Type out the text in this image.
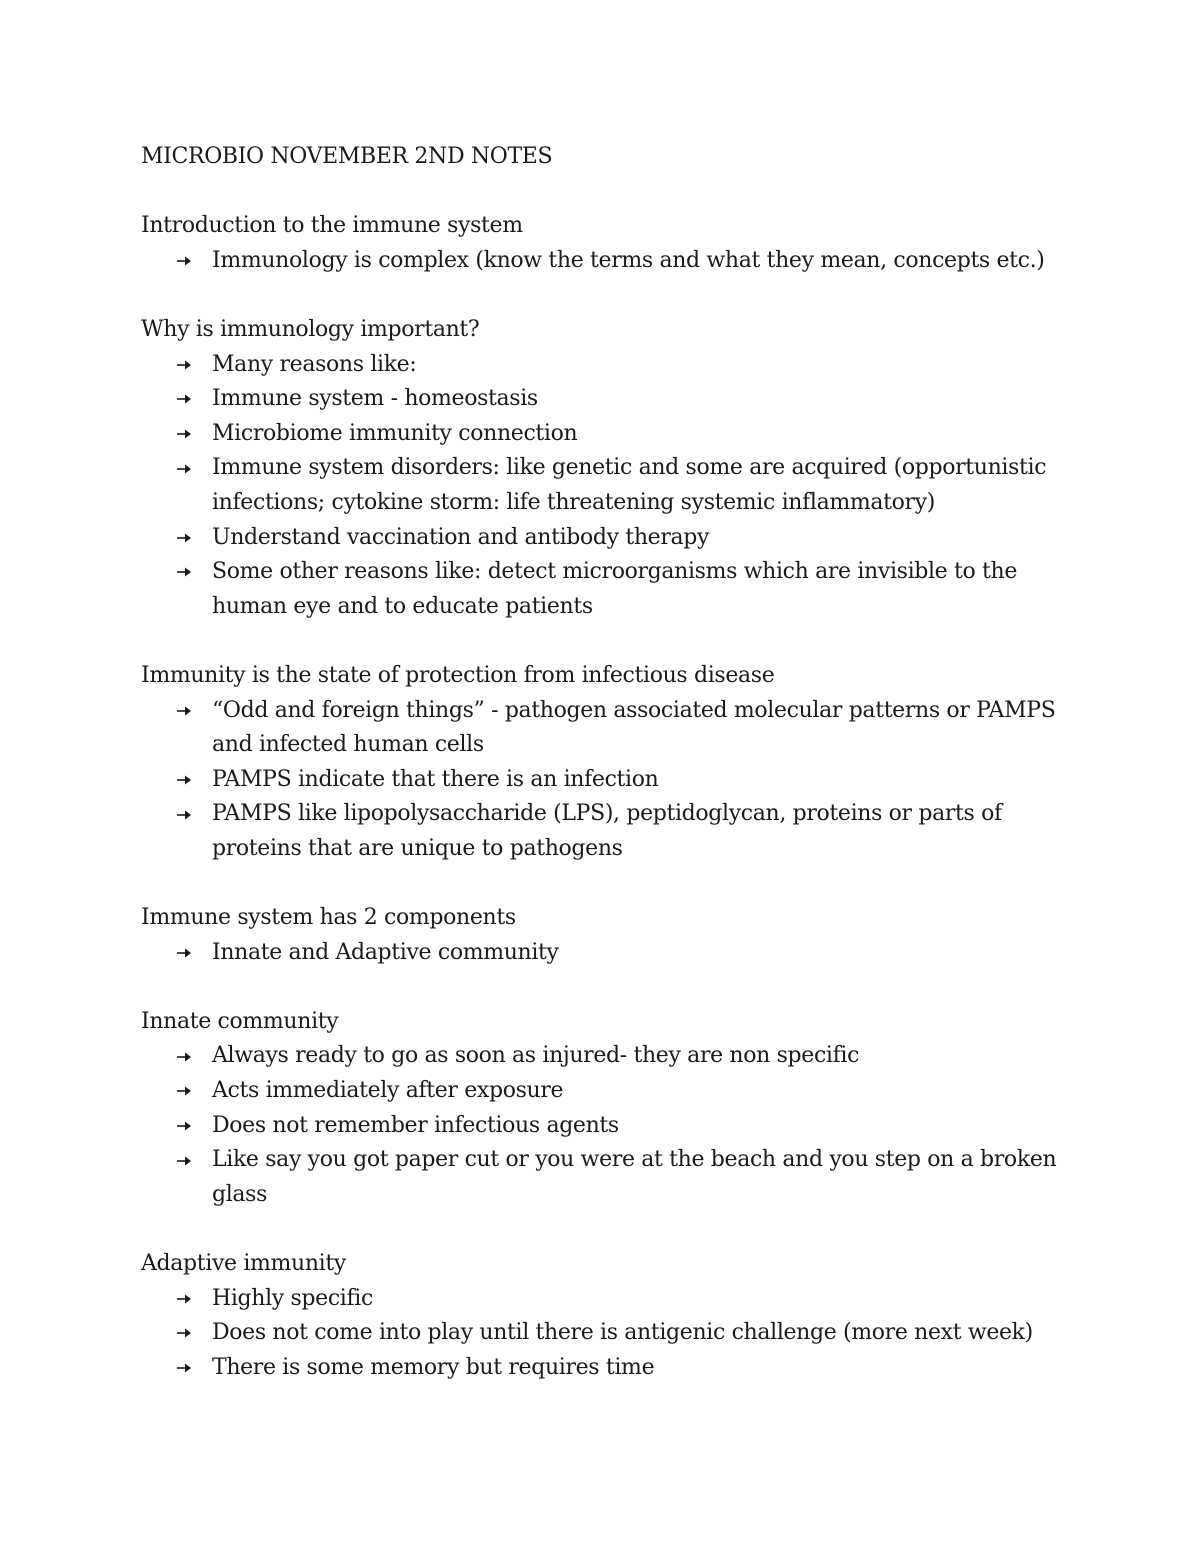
MICROBIO NOVEMBER 2ND NOTES
Introduction to the immune system
Immunology is complex (know the terms and what they mean, concepts etc.)
Why is immunology important?
Many reasons like:
Immune system - homeostasis
Microbiome immunity connection
Immune system disorders: like genetic and some are acquired (opportunistic infections; cytokine storm: life threatening systemic inflammatory)
Understand vaccination and antibody therapy
Some other reasons like: detect microorganisms which are invisible to the human eye and to educate patients
Immunity is the state of protection from infectious disease
“Odd and foreign things” - pathogen associated molecular patterns or PAMPS and infected human cells
PAMPS indicate that there is an infection
PAMPS like lipopolysaccharide (LPS), peptidoglycan, proteins or parts of proteins that are unique to pathogens
Immune system has 2 components
Innate and Adaptive community
Innate community
Always ready to go as soon as injured- they are non specific
Acts immediately after exposure
Does not remember infectious agents
Like say you got paper cut or you were at the beach and you step on a broken glass
Adaptive immunity
Highly specific
Does not come into play until there is antigenic challenge (more next week)
There is some memory but requires time
